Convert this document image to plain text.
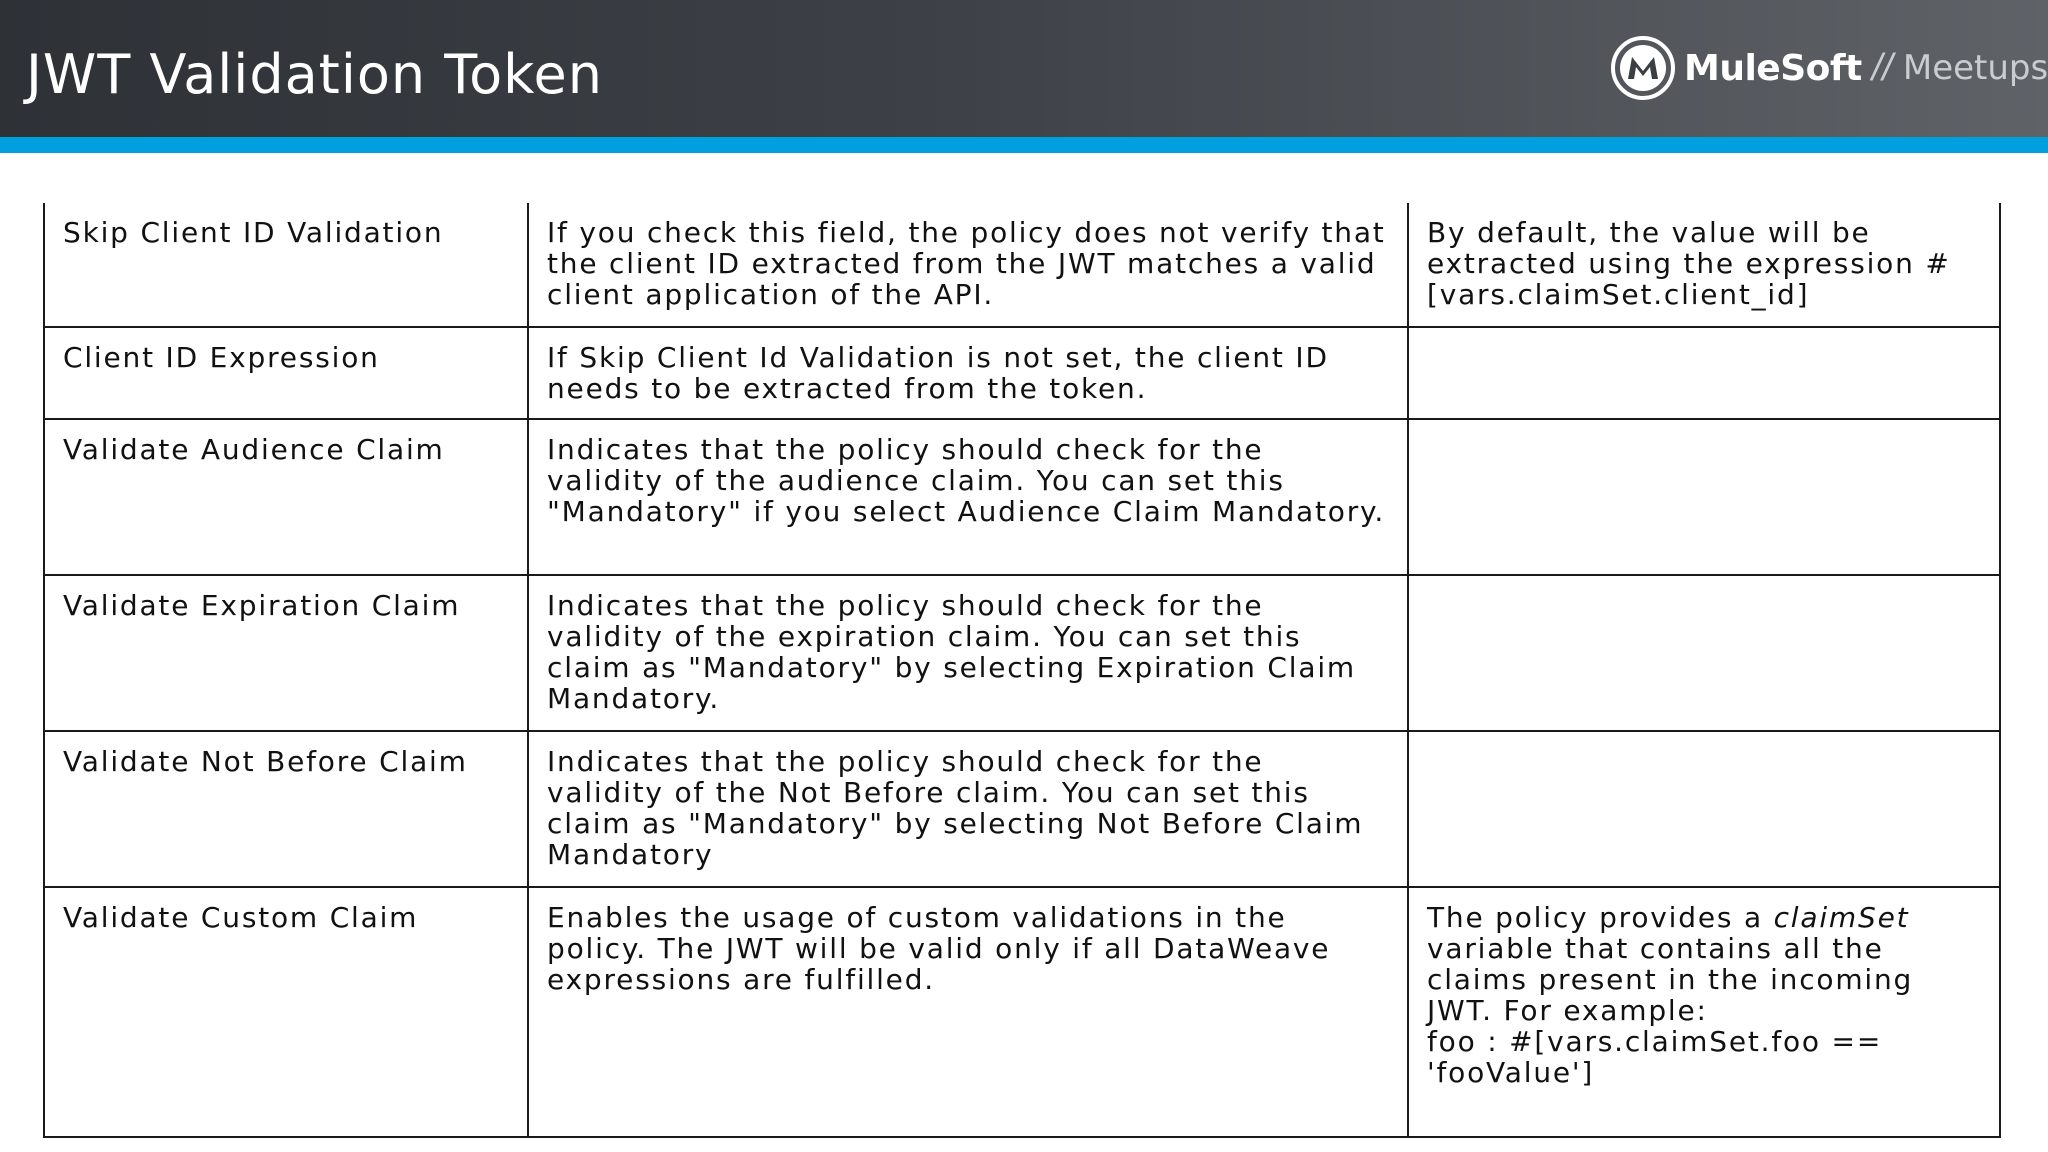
JWT Validation Token	MuleSoft // Meetups
Skip Client ID Validation	If you check this field, the policy does not verify that the client ID extracted from the JWT matches a valid client application of the API.	By default, the value will be extracted using the expression #[vars.claimSet.client_id]
Client ID Expression	If Skip Client Id Validation is not set, the client ID needs to be extracted from the token.	
Validate Audience Claim	Indicates that the policy should check for the validity of the audience claim. You can set this "Mandatory" if you select Audience Claim Mandatory.	
Validate Expiration Claim	Indicates that the policy should check for the validity of the expiration claim. You can set this claim as "Mandatory" by selecting Expiration Claim Mandatory.	
Validate Not Before Claim	Indicates that the policy should check for the validity of the Not Before claim. You can set this claim as "Mandatory" by selecting Not Before Claim Mandatory	
Validate Custom Claim	Enables the usage of custom validations in the policy. The JWT will be valid only if all DataWeave expressions are fulfilled.	The policy provides a claimSet variable that contains all the claims present in the incoming JWT. For example:
foo : #[vars.claimSet.foo ==
'fooValue']
